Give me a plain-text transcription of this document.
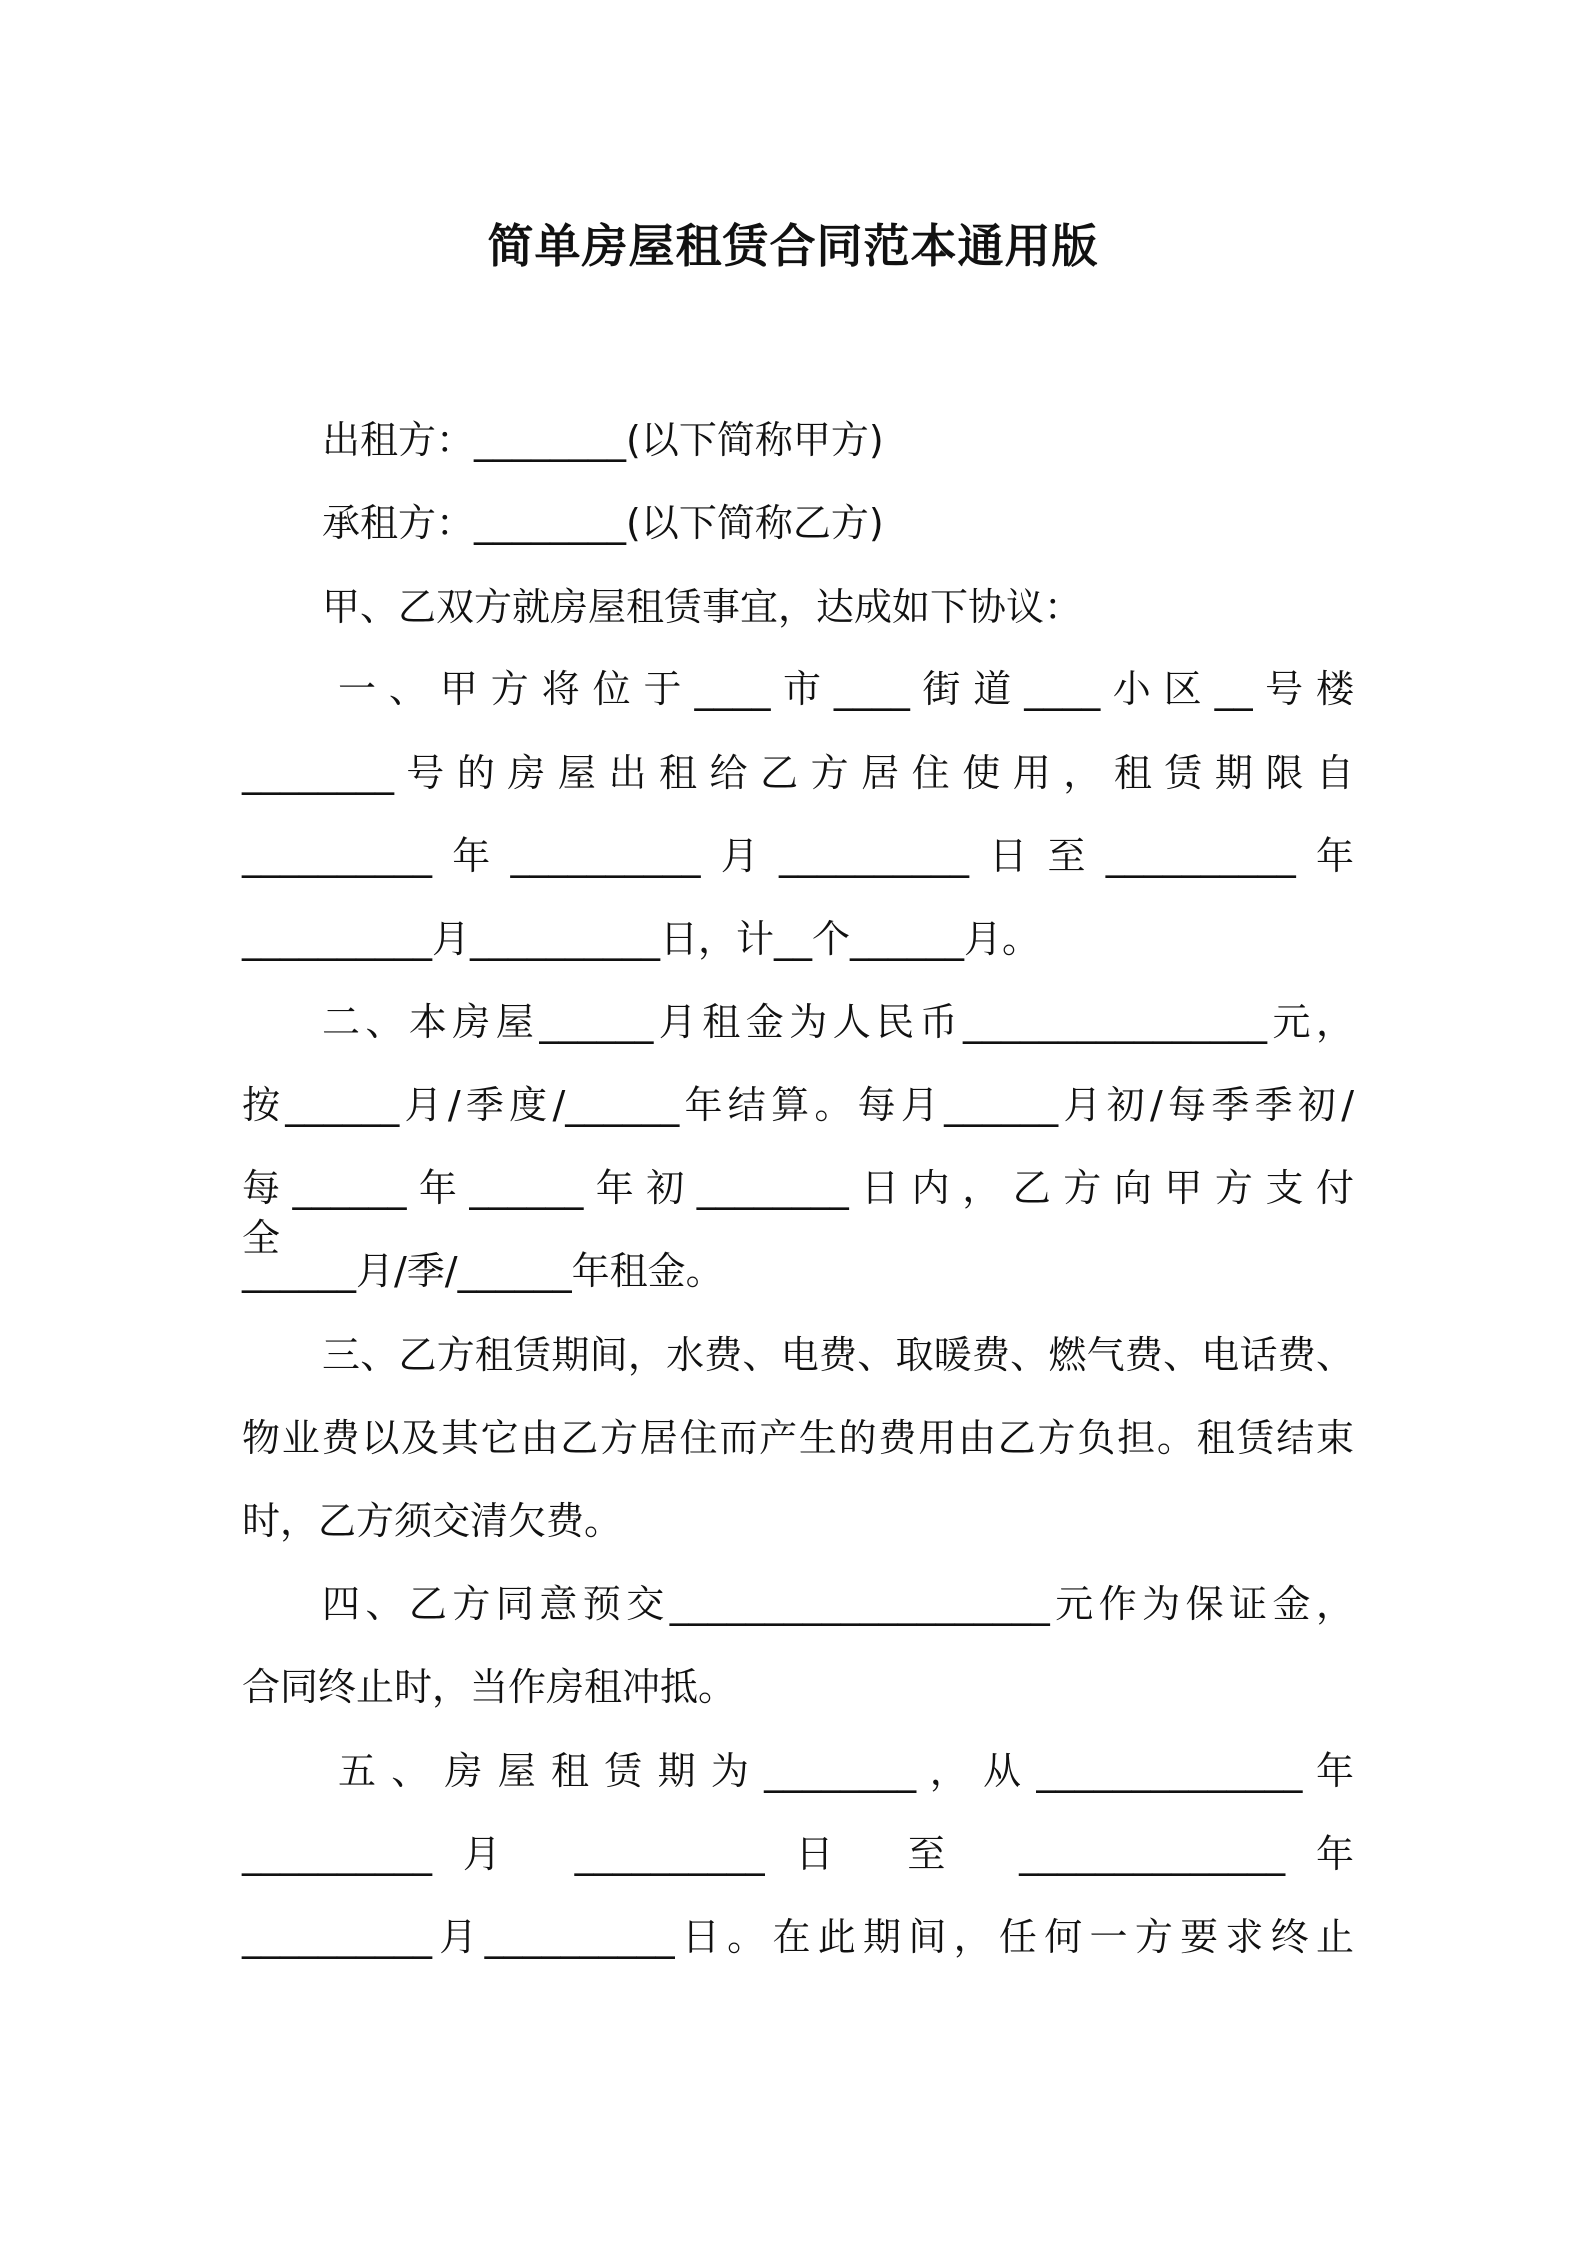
简单房屋租赁合同范本通用版
出租方：________(以下简称甲方)
承租方：________(以下简称乙方)
甲、乙双方就房屋租赁事宜，达成如下协议：
一 、 甲 方 将 位 于 ____ 市 ____ 街 道 ____ 小 区 __ 号 楼
________ 号 的 房 屋 出 租 给 乙 方 居 住 使 用 ， 租 赁 期 限 自
__________年__________月__________日至__________年
__________月__________日，计__个______月。
二、本房屋______月租金为人民币________________元，
按______月/季度/______年结算。每月______月初/每季季初/
每 ______ 年 ______ 年 初 ________ 日 内 ， 乙 方 向 甲 方 支 付 全
______月/季/______年租金。
三、乙方租赁期间，水费、电费、取暖费、燃气费、电话费、
物业费以及其它由乙方居住而产生的费用由乙方负担。租赁结束
时，乙方须交清欠费。
四、乙方同意预交____________________元作为保证金，
合同终止时，当作房租冲抵。
五 、 房 屋 租 赁 期 为 ________ ， 从 ______________ 年
__________月 __________日 至 ______________年
__________月__________日。在此期间，任何一方要求终止
